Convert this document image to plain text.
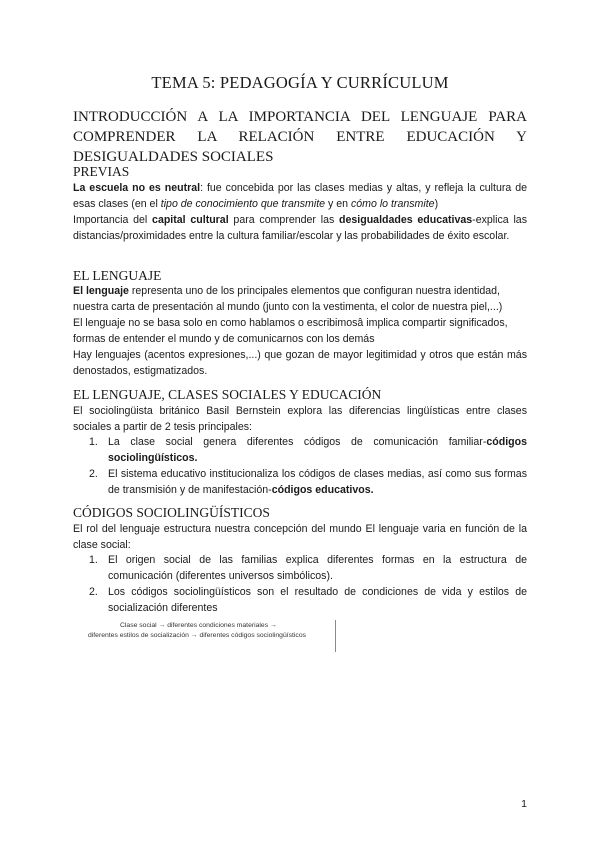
TEMA 5: PEDAGOGÍA Y CURRÍCULUM
INTRODUCCIÓN A LA IMPORTANCIA DEL LENGUAJE PARA COMPRENDER LA RELACIÓN ENTRE EDUCACIÓN Y DESIGUALDADES SOCIALES
PREVIAS
La escuela no es neutral: fue concebida por las clases medias y altas, y refleja la cultura de esas clases (en el tipo de conocimiento que transmite y en cómo lo transmite)
Importancia del capital cultural para comprender las desigualdades educativas-explica las distancias/proximidades entre la cultura familiar/escolar y las probabilidades de éxito escolar.
EL LENGUAJE
El lenguaje representa uno de los principales elementos que configuran nuestra identidad, nuestra carta de presentación al mundo (junto con la vestimenta, el color de nuestra piel,...)
El lenguaje no se basa solo en como hablamos o escribimosâ implica compartir significados, formas de entender el mundo y de comunicarnos con los demás
Hay lenguajes (acentos expresiones,...) que gozan de mayor legitimidad y otros que están más denostados, estigmatizados.
EL LENGUAJE, CLASES SOCIALES Y EDUCACIÓN
El sociolingüista británico Basil Bernstein explora las diferencias lingüísticas entre clases sociales a partir de 2 tesis principales:
1. La clase social genera diferentes códigos de comunicación familiar-códigos sociolingüísticos.
2. El sistema educativo institucionaliza los códigos de clases medias, así como sus formas de transmisión y de manifestación-códigos educativos.
CÓDIGOS SOCIOLINGÜÍSTICOS
El rol del lenguaje estructura nuestra concepción del mundo El lenguaje varia en función de la clase social:
1. El origen social de las familias explica diferentes formas en la estructura de comunicación (diferentes universos simbólicos).
2. Los códigos sociolingüísticos son el resultado de condiciones de vida y estilos de socialización diferentes
Clase social → diferentes condiciones materiales →
diferentes estilos de socialización → diferentes códigos sociolingüísticos
1
